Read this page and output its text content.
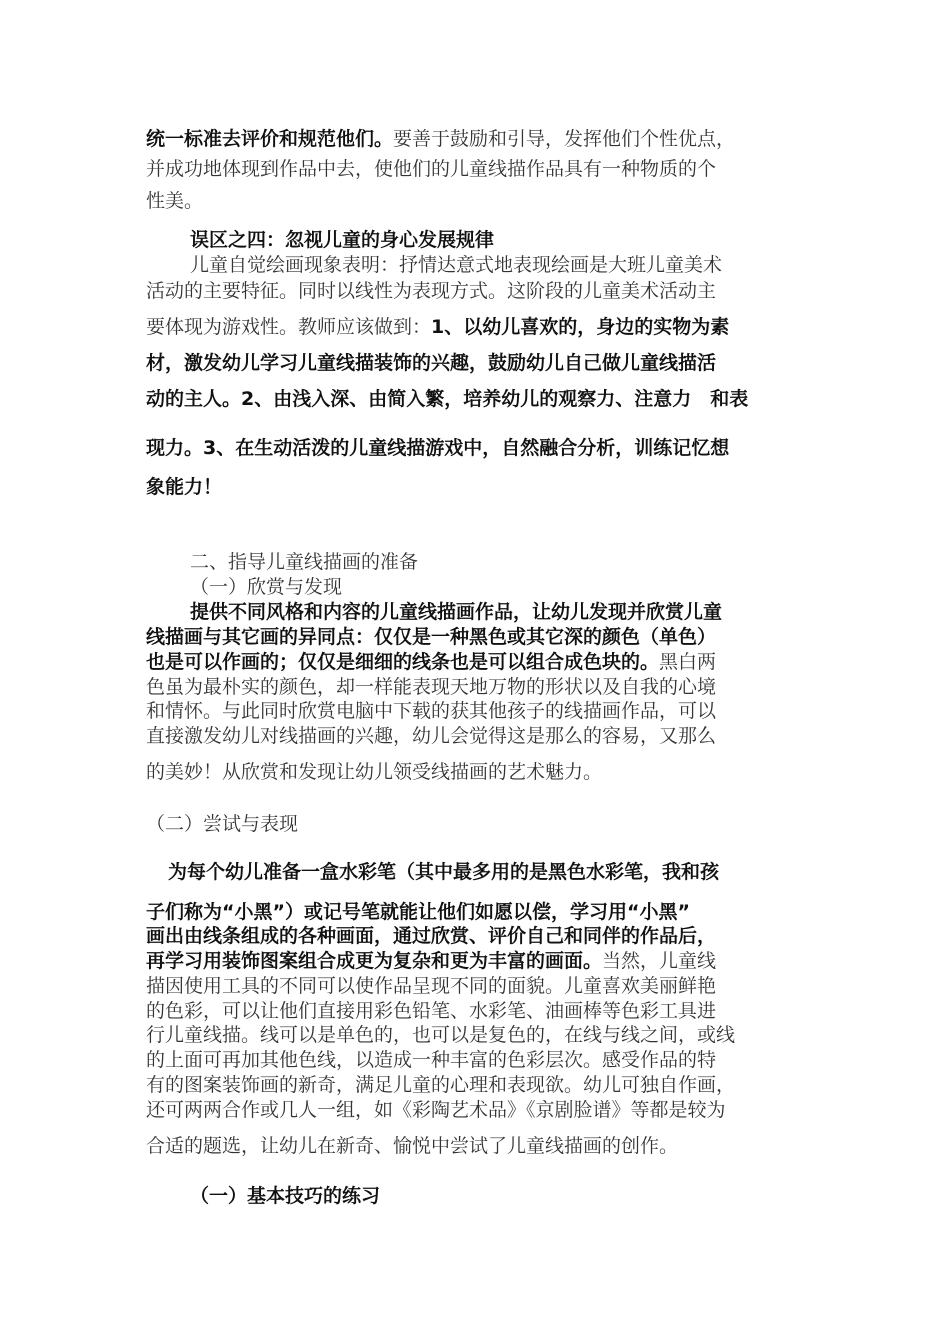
统一标准去评价和规范他们。要善于鼓励和引导，发挥他们个性优点，
并成功地体现到作品中去，使他们的儿童线描作品具有一种物质的个
性美。
误区之四：忽视儿童的身心发展规律
儿童自觉绘画现象表明：抒情达意式地表现绘画是大班儿童美术
活动的主要特征。同时以线性为表现方式。这阶段的儿童美术活动主
要体现为游戏性。教师应该做到：1、以幼儿喜欢的，身边的实物为素
材，激发幼儿学习儿童线描装饰的兴趣，鼓励幼儿自己做儿童线描活
动的主人。2、由浅入深、由简入繁，培养幼儿的观察力、注意力　和表
现力。3、在生动活泼的儿童线描游戏中，自然融合分析，训练记忆想
象能力！
二、指导儿童线描画的准备
（一）欣赏与发现
提供不同风格和内容的儿童线描画作品，让幼儿发现并欣赏儿童
线描画与其它画的异同点：仅仅是一种黑色或其它深的颜色（单色）
也是可以作画的；仅仅是细细的线条也是可以组合成色块的。黑白两
色虽为最朴实的颜色，却一样能表现天地万物的形状以及自我的心境
和情怀。与此同时欣赏电脑中下载的获其他孩子的线描画作品，可以
直接激发幼儿对线描画的兴趣，幼儿会觉得这是那么的容易，又那么
的美妙！从欣赏和发现让幼儿领受线描画的艺术魅力。
（二）尝试与表现
为每个幼儿准备一盒水彩笔（其中最多用的是黑色水彩笔，我和孩
子们称为“小黑”）或记号笔就能让他们如愿以偿，学习用“小黑”
画出由线条组成的各种画面，通过欣赏、评价自己和同伴的作品后，
再学习用装饰图案组合成更为复杂和更为丰富的画面。当然，儿童线
描因使用工具的不同可以使作品呈现不同的面貌。儿童喜欢美丽鲜艳
的色彩，可以让他们直接用彩色铅笔、水彩笔、油画棒等色彩工具进
行儿童线描。线可以是单色的，也可以是复色的，在线与线之间，或线
的上面可再加其他色线，以造成一种丰富的色彩层次。感受作品的特
有的图案装饰画的新奇，满足儿童的心理和表现欲。幼儿可独自作画，
还可两两合作或几人一组，如《彩陶艺术品》《京剧脸谱》等都是较为
合适的题选，让幼儿在新奇、愉悦中尝试了儿童线描画的创作。
（一）基本技巧的练习
